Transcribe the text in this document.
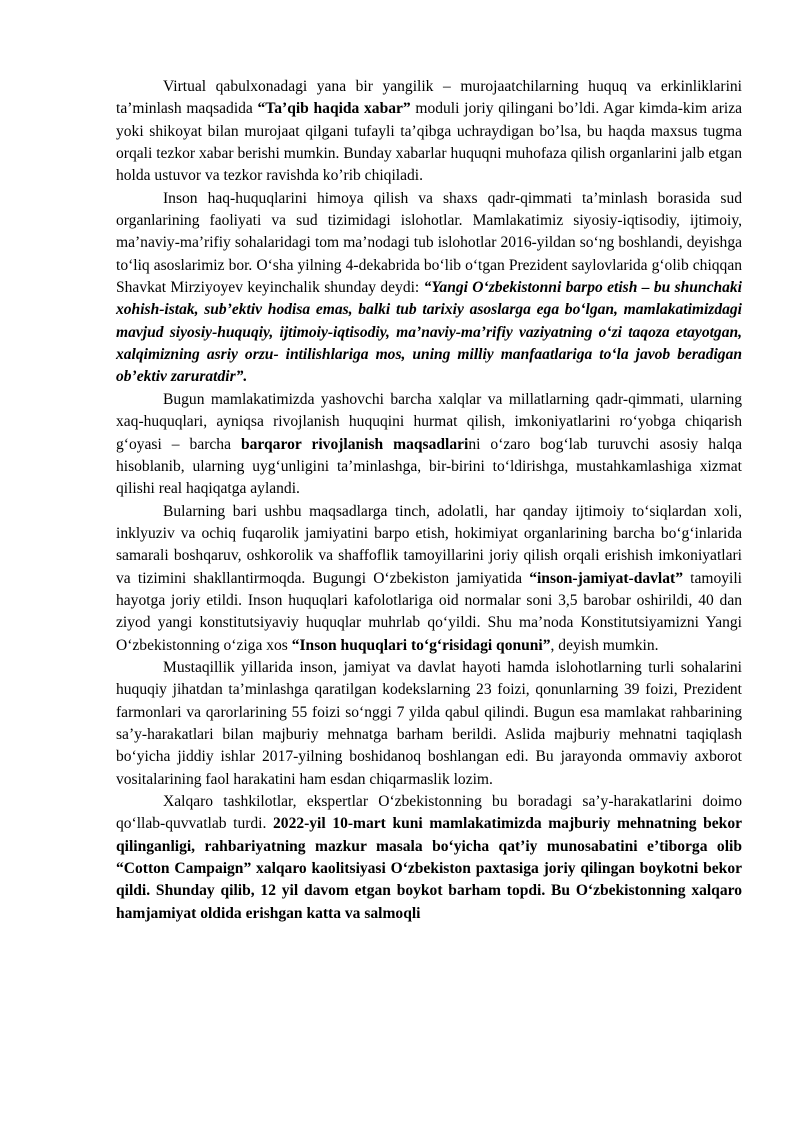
Virtual qabulxonadagi yana bir yangilik – murojaatchilarning huquq va erkinliklarini ta’minlash maqsadida “Ta’qib haqida xabar” moduli joriy qilingani bo’ldi. Agar kimda-kim ariza yoki shikoyat bilan murojaat qilgani tufayli ta’qibga uchraydigan bo’lsa, bu haqda maxsus tugma orqali tezkor xabar berishi mumkin. Bunday xabarlar huquqni muhofaza qilish organlarini jalb etgan holda ustuvor va tezkor ravishda ko’rib chiqiladi.

Inson haq-huquqlarini himoya qilish va shaxs qadr-qimmati ta’minlash borasida sud organlarining faoliyati va sud tizimidagi islohotlar. Mamlakatimiz siyosiy-iqtisodiy, ijtimoiy, ma’naviy-ma’rifiy sohalaridagi tom ma’nodagi tub islohotlar 2016-yildan so‘ng boshlandi, deyishga to‘liq asoslarimiz bor. O‘sha yilning 4-dekabrida bo‘lib o‘tgan Prezident saylovlarida g‘olib chiqqan Shavkat Mirziyoyev keyinchalik shunday deydi: “Yangi O‘zbekistonni barpo etish – bu shunchaki xohish-istak, sub’ektiv hodisa emas, balki tub tarixiy asoslarga ega bo‘lgan, mamlakatimizdagi mavjud siyosiy-huquqiy, ijtimoiy-iqtisodiy, ma’naviy-ma’rifiy vaziyatning o‘zi taqoza etayotgan, xalqimizning asriy orzu- intilishlariga mos, uning milliy manfaatlariga to‘la javob beradigan ob’ektiv zaruratdir”.

Bugun mamlakatimizda yashovchi barcha xalqlar va millatlarning qadr-qimmati, ularning xaq-huquqlari, ayniqsa rivojlanish huquqini hurmat qilish, imkoniyatlarini ro‘yobga chiqarish g‘oyasi – barcha barqaror rivojlanish maqsadlarini o‘zaro bog‘lab turuvchi asosiy halqa hisoblanib, ularning uyg‘unligini ta’minlashga, bir-birini to‘ldirishga, mustahkamlashiga xizmat qilishi real haqiqatga aylandi.

Bularning bari ushbu maqsadlarga tinch, adolatli, har qanday ijtimoiy to‘siqlardan xoli, inklyuziv va ochiq fuqarolik jamiyatini barpo etish, hokimiyat organlarining barcha bo‘g‘inlarida samarali boshqaruv, oshkorolik va shaffoflik tamoyillarini joriy qilish orqali erishish imkoniyatlari va tizimini shakllantirmoqda. Bugungi O‘zbekiston jamiyatida “inson-jamiyat-davlat” tamoyili hayotga joriy etildi. Inson huquqlari kafolotlariga oid normalar soni 3,5 barobar oshirildi, 40 dan ziyod yangi konstitutsiyaviy huquqlar muhrlab qo‘yildi. Shu ma’noda Konstitutsiyamizni Yangi O‘zbekistonning o‘ziga xos “Inson huquqlari to‘g‘risidagi qonuni”, deyish mumkin.

Mustaqillik yillarida inson, jamiyat va davlat hayoti hamda islohotlarning turli sohalarini huquqiy jihatdan ta’minlashga qaratilgan kodekslarning 23 foizi, qonunlarning 39 foizi, Prezident farmonlari va qarorlarining 55 foizi so‘nggi 7 yilda qabul qilindi. Bugun esa mamlakat rahbarining sa’y-harakatlari bilan majburiy mehnatga barham berildi. Aslida majburiy mehnatni taqiqlash bo‘yicha jiddiy ishlar 2017-yilning boshidanoq boshlangan edi. Bu jarayonda ommaviy axborot vositalarining faol harakatini ham esdan chiqarmaslik lozim.

Xalqaro tashkilotlar, ekspertlar O‘zbekistonning bu boradagi sa’y-harakatlarini doimo qo‘llab-quvvatlab turdi. 2022-yil 10-mart kuni mamlakatimizda majburiy mehnatning bekor qilinganligi, rahbariyatning mazkur masala bo‘yicha qat’iy munosabatini e’tiborga olib “Cotton Campaign” xalqaro kaolitsiyasi O‘zbekiston paxtasiga joriy qilingan boykotni bekor qildi. Shunday qilib, 12 yil davom etgan boykot barham topdi. Bu O‘zbekistonning xalqaro hamjamiyat oldida erishgan katta va salmoqli
